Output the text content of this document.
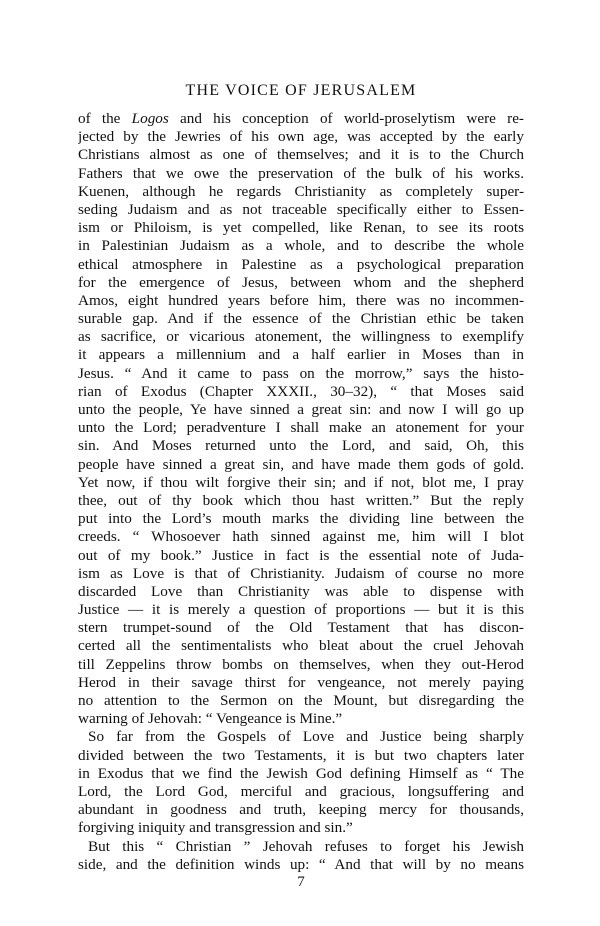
THE VOICE OF JERUSALEM
of the Logos and his conception of world-proselytism were re-
jected by the Jewries of his own age, was accepted by the early
Christians almost as one of themselves; and it is to the Church
Fathers that we owe the preservation of the bulk of his works.
Kuenen, although he regards Christianity as completely super-
seding Judaism and as not traceable specifically either to Essen-
ism or Philoism, is yet compelled, like Renan, to see its roots
in Palestinian Judaism as a whole, and to describe the whole
ethical atmosphere in Palestine as a psychological preparation
for the emergence of Jesus, between whom and the shepherd
Amos, eight hundred years before him, there was no incommen-
surable gap. And if the essence of the Christian ethic be taken
as sacrifice, or vicarious atonement, the willingness to exemplify
it appears a millennium and a half earlier in Moses than in
Jesus. “ And it came to pass on the morrow,” says the histo-
rian of Exodus (Chapter XXXII., 30–32), “ that Moses said
unto the people, Ye have sinned a great sin: and now I will go up
unto the Lord; peradventure I shall make an atonement for your
sin. And Moses returned unto the Lord, and said, Oh, this
people have sinned a great sin, and have made them gods of gold.
Yet now, if thou wilt forgive their sin; and if not, blot me, I pray
thee, out of thy book which thou hast written.” But the reply
put into the Lord’s mouth marks the dividing line between the
creeds. “ Whosoever hath sinned against me, him will I blot
out of my book.” Justice in fact is the essential note of Juda-
ism as Love is that of Christianity. Judaism of course no more
discarded Love than Christianity was able to dispense with
Justice — it is merely a question of proportions — but it is this
stern trumpet-sound of the Old Testament that has discon-
certed all the sentimentalists who bleat about the cruel Jehovah
till Zeppelins throw bombs on themselves, when they out-Herod
Herod in their savage thirst for vengeance, not merely paying
no attention to the Sermon on the Mount, but disregarding the
warning of Jehovah: “ Vengeance is Mine.”
So far from the Gospels of Love and Justice being sharply
divided between the two Testaments, it is but two chapters later
in Exodus that we find the Jewish God defining Himself as “ The
Lord, the Lord God, merciful and gracious, longsuffering and
abundant in goodness and truth, keeping mercy for thousands,
forgiving iniquity and transgression and sin.”
But this “ Christian ” Jehovah refuses to forget his Jewish
side, and the definition winds up: “ And that will by no means
7
